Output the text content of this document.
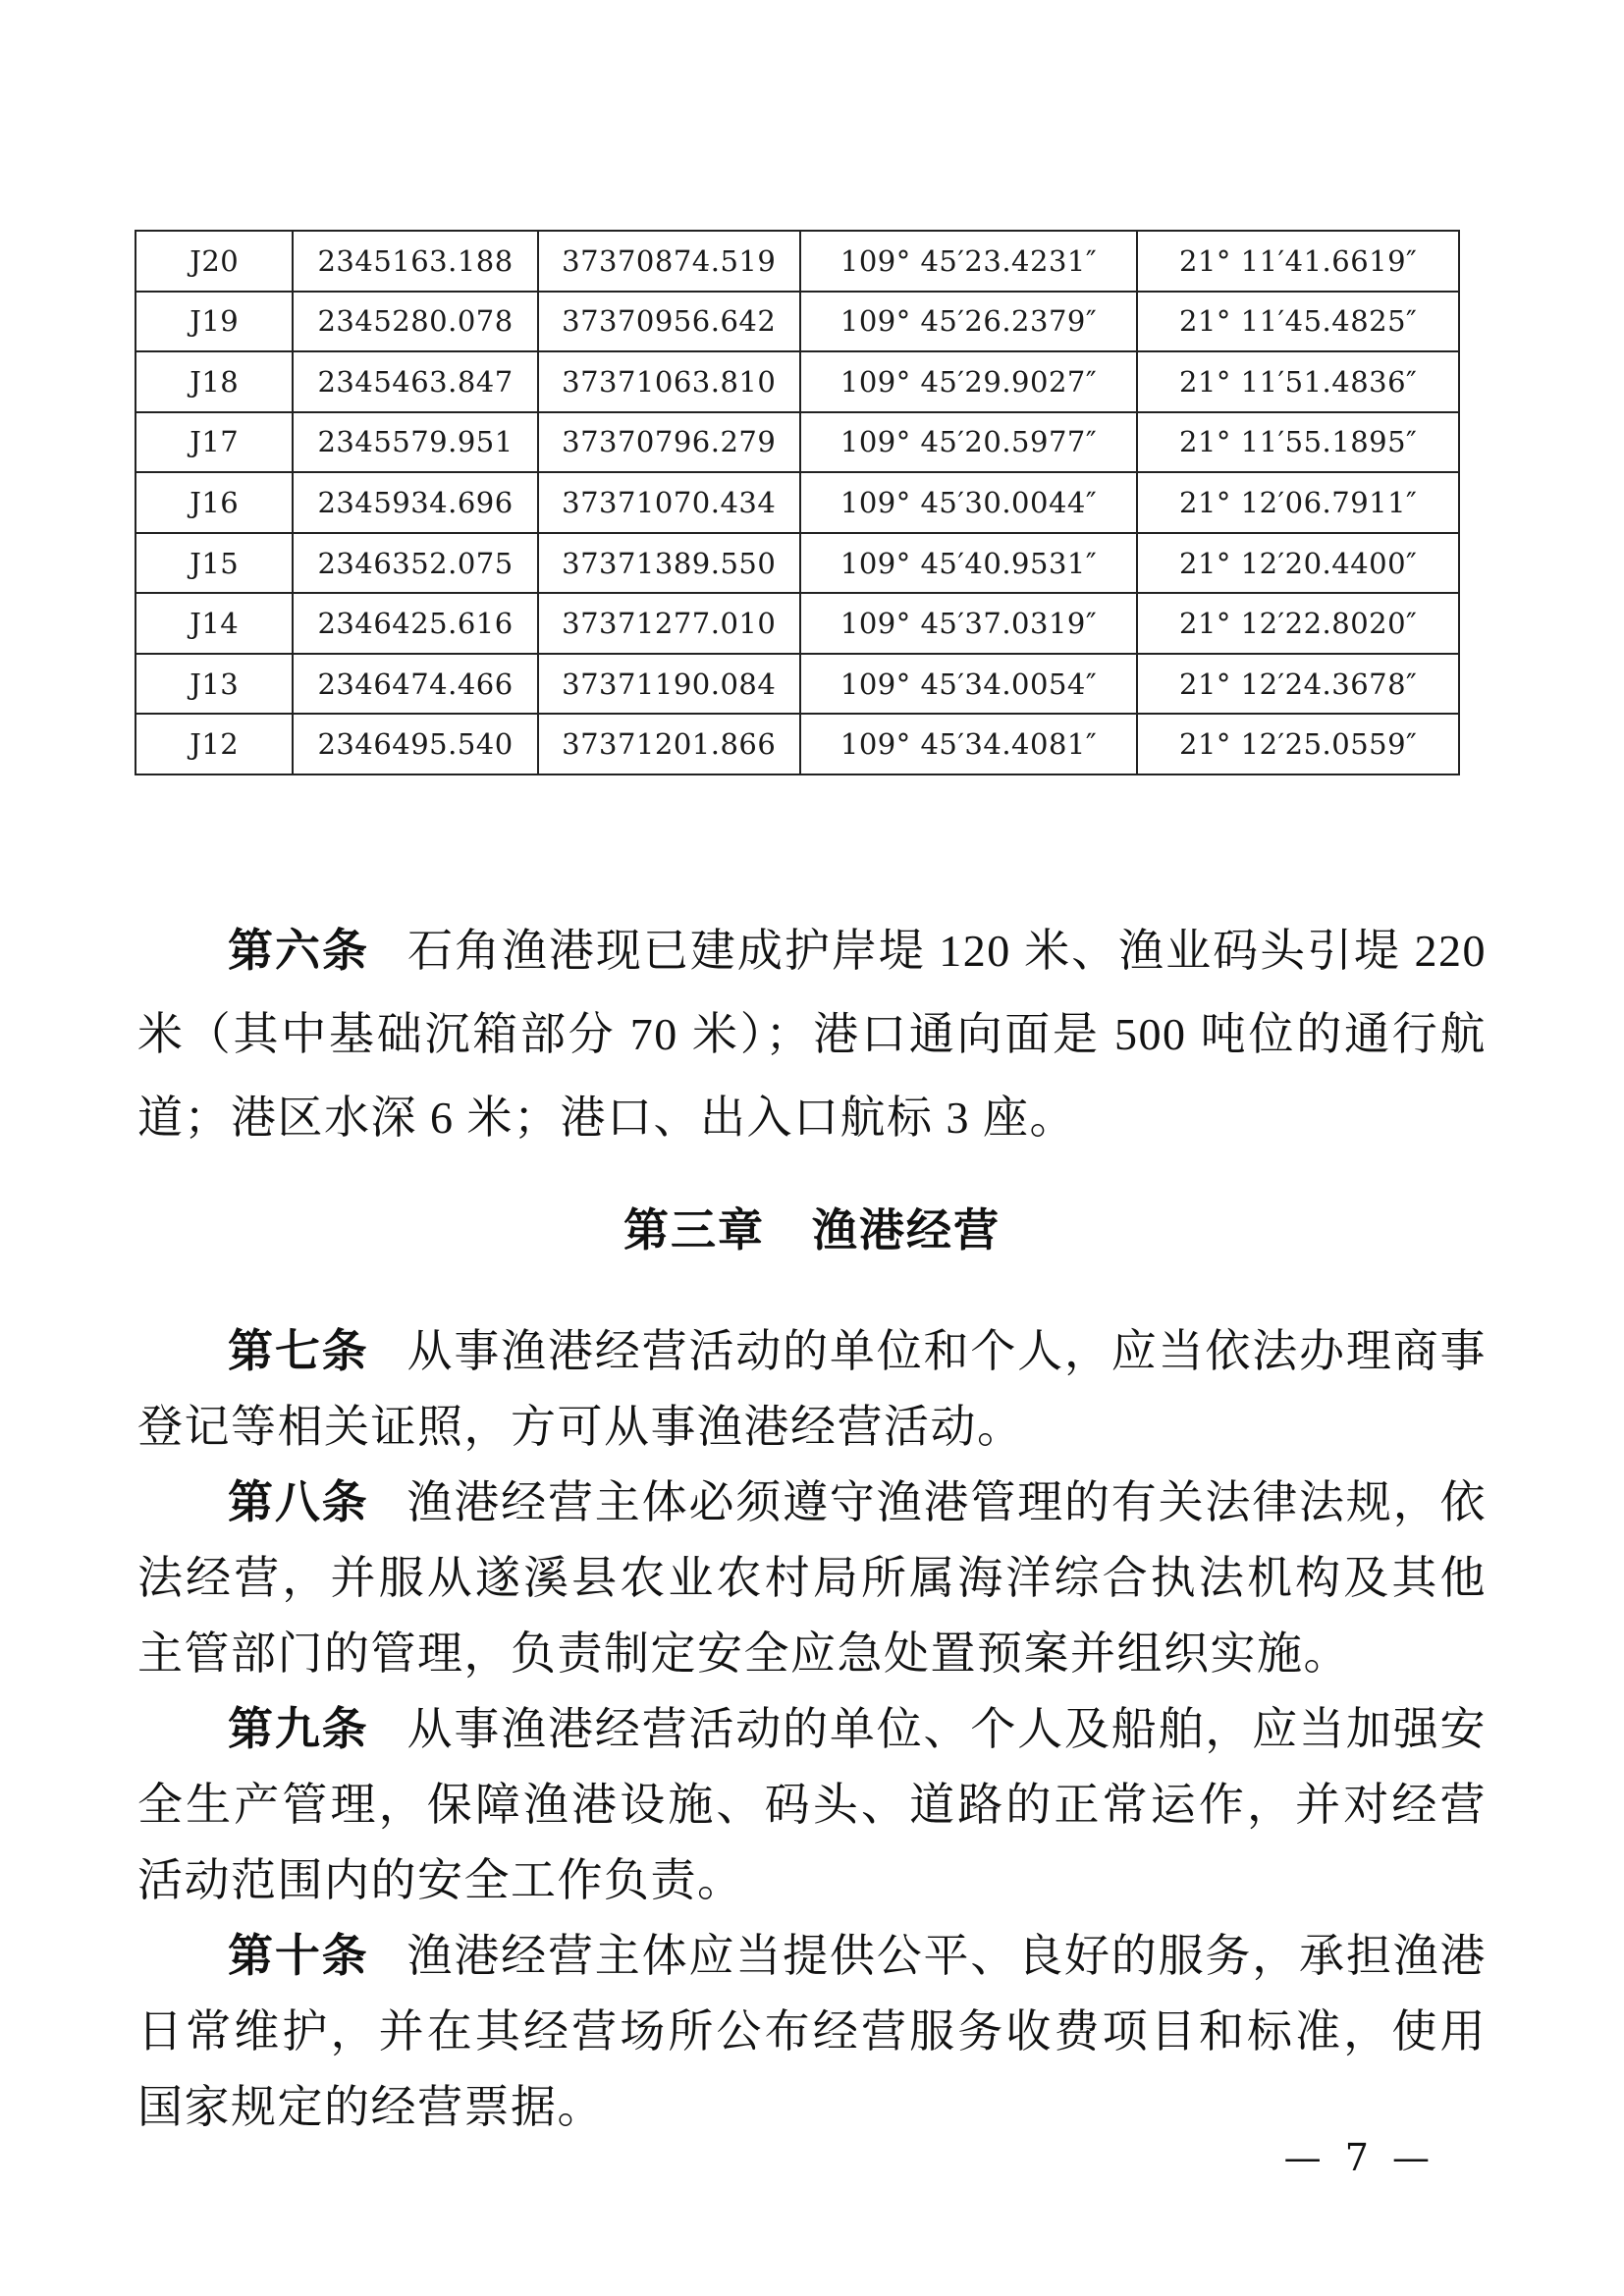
J20	2345163.188	37370874.519	109° 45′23.4231″	21° 11′41.6619″
J19	2345280.078	37370956.642	109° 45′26.2379″	21° 11′45.4825″
J18	2345463.847	37371063.810	109° 45′29.9027″	21° 11′51.4836″
J17	2345579.951	37370796.279	109° 45′20.5977″	21° 11′55.1895″
J16	2345934.696	37371070.434	109° 45′30.0044″	21° 12′06.7911″
J15	2346352.075	37371389.550	109° 45′40.9531″	21° 12′20.4400″
J14	2346425.616	37371277.010	109° 45′37.0319″	21° 12′22.8020″
J13	2346474.466	37371190.084	109° 45′34.0054″	21° 12′24.3678″
J12	2346495.540	37371201.866	109° 45′34.4081″	21° 12′25.0559″

第六条 石角渔港现已建成护岸堤 120 米、渔业码头引堤 220 米（其中基础沉箱部分 70 米）；港口通向面是 500 吨位的通行航道；港区水深 6 米；港口、出入口航标 3 座。

第三章　渔港经营

第七条 从事渔港经营活动的单位和个人，应当依法办理商事登记等相关证照，方可从事渔港经营活动。

第八条 渔港经营主体必须遵守渔港管理的有关法律法规，依法经营，并服从遂溪县农业农村局所属海洋综合执法机构及其他主管部门的管理，负责制定安全应急处置预案并组织实施。

第九条 从事渔港经营活动的单位、个人及船舶，应当加强安全生产管理，保障渔港设施、码头、道路的正常运作，并对经营活动范围内的安全工作负责。

第十条 渔港经营主体应当提供公平、良好的服务，承担渔港日常维护，并在其经营场所公布经营服务收费项目和标准，使用国家规定的经营票据。

— 7 —
